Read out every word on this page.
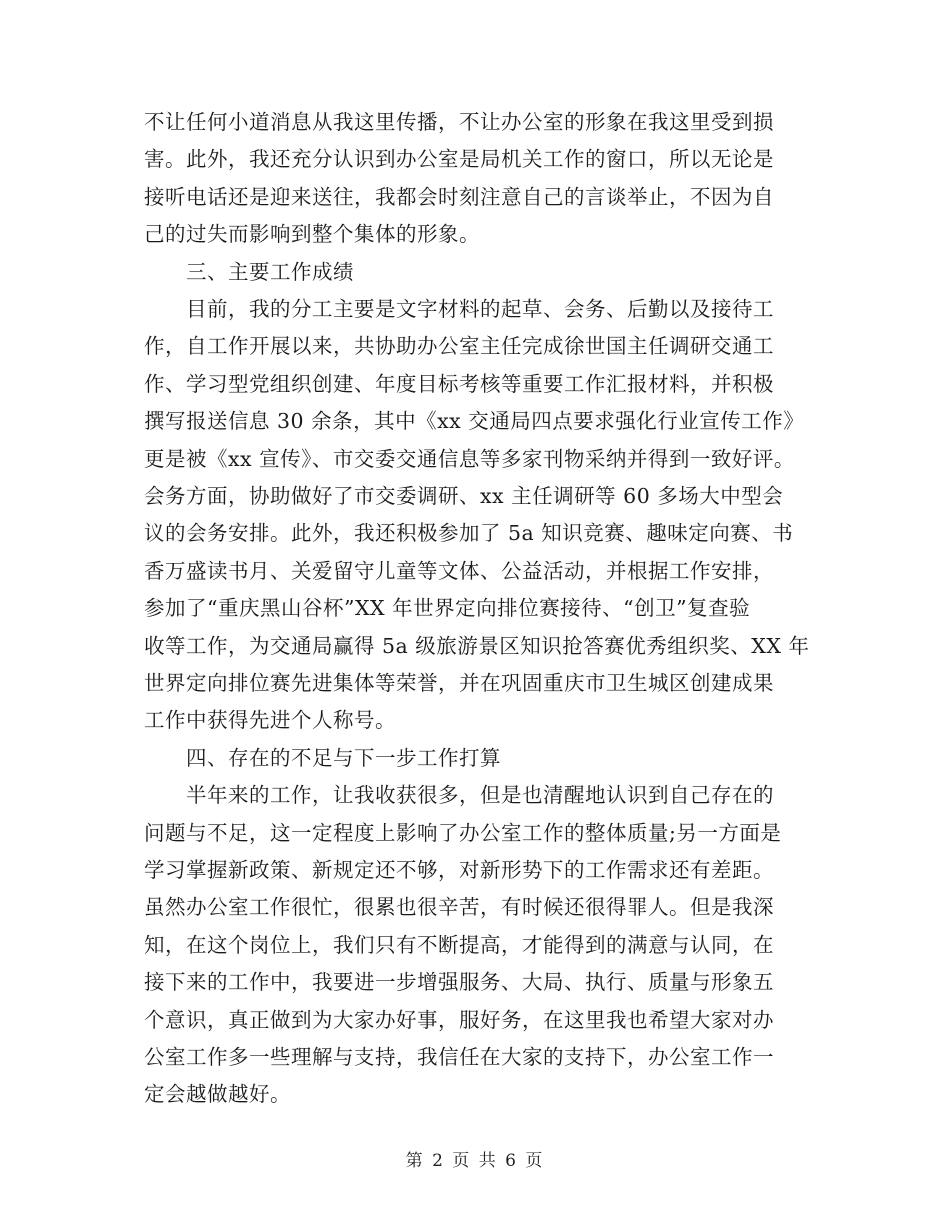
不让任何小道消息从我这里传播，不让办公室的形象在我这里受到损
害。此外，我还充分认识到办公室是局机关工作的窗口，所以无论是
接听电话还是迎来送往，我都会时刻注意自己的言谈举止，不因为自
己的过失而影响到整个集体的形象。
三、主要工作成绩
目前，我的分工主要是文字材料的起草、会务、后勤以及接待工
作，自工作开展以来，共协助办公室主任完成徐世国主任调研交通工
作、学习型党组织创建、年度目标考核等重要工作汇报材料，并积极
撰写报送信息 30 余条，其中《xx 交通局四点要求强化行业宣传工作》
更是被《xx 宣传》、市交委交通信息等多家刊物采纳并得到一致好评。
会务方面，协助做好了市交委调研、xx 主任调研等 60 多场大中型会
议的会务安排。此外，我还积极参加了 5a 知识竞赛、趣味定向赛、书
香万盛读书月、关爱留守儿童等文体、公益活动，并根据工作安排，
参加了“重庆黑山谷杯”XX 年世界定向排位赛接待、“创卫”复查验
收等工作，为交通局赢得 5a 级旅游景区知识抢答赛优秀组织奖、XX 年
世界定向排位赛先进集体等荣誉，并在巩固重庆市卫生城区创建成果
工作中获得先进个人称号。
四、存在的不足与下一步工作打算
半年来的工作，让我收获很多，但是也清醒地认识到自己存在的
问题与不足，这一定程度上影响了办公室工作的整体质量;另一方面是
学习掌握新政策、新规定还不够，对新形势下的工作需求还有差距。
虽然办公室工作很忙，很累也很辛苦，有时候还很得罪人。但是我深
知，在这个岗位上，我们只有不断提高，才能得到的满意与认同，在
接下来的工作中，我要进一步增强服务、大局、执行、质量与形象五
个意识，真正做到为大家办好事，服好务，在这里我也希望大家对办
公室工作多一些理解与支持，我信任在大家的支持下，办公室工作一
定会越做越好。
第 2 页 共 6 页
